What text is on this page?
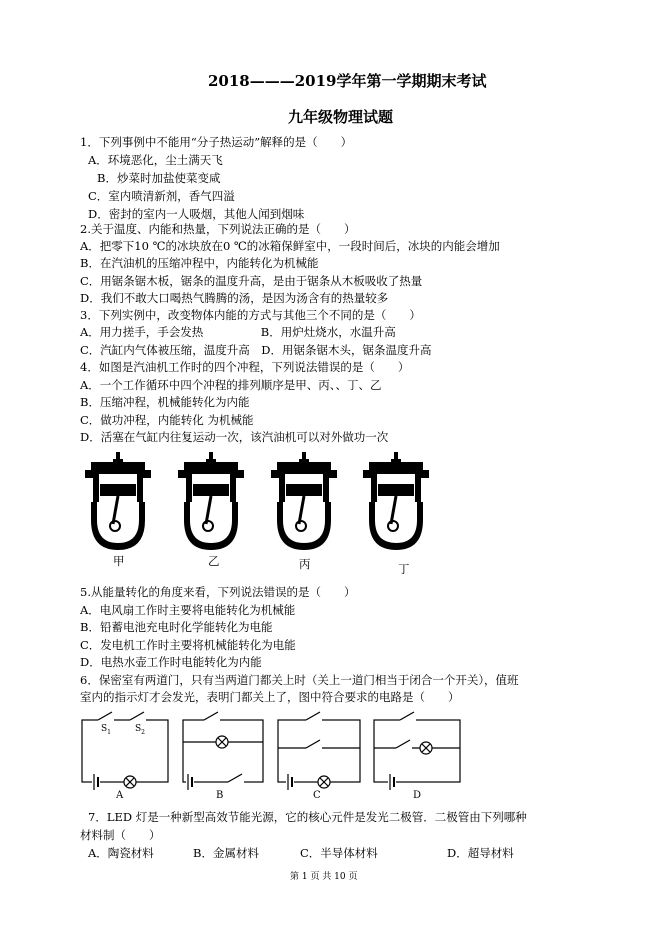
2018———2019学年第一学期期末考试
九年级物理试题
1．下列事例中不能用“分子热运动”解释的是（　　）
A．环境恶化，尘土满天飞
B．炒菜时加盐使菜变咸
C．室内喷清新剂，香气四溢
D．密封的室内一人吸烟，其他人闻到烟味
2.关于温度、内能和热量，下列说法正确的是（　　）
A．把零下10 ℃的冰块放在0 ℃的冰箱保鲜室中，一段时间后，冰块的内能会增加
B．在汽油机的压缩冲程中，内能转化为机械能
C．用锯条锯木板，锯条的温度升高，是由于锯条从木板吸收了热量
D．我们不敢大口喝热气腾腾的汤，是因为汤含有的热量较多
3．下列实例中，改变物体内能的方式与其他三个不同的是（　　）
A．用力搓手，手会发热　　　　　B．用炉灶烧水，水温升高
C．汽缸内气体被压缩，温度升高　D．用锯条锯木头，锯条温度升高
4．如图是汽油机工作时的四个冲程，下列说法错误的是（　　）
A．一个工作循环中四个冲程的排列顺序是甲、丙、、丁、乙
B．压缩冲程，机械能转化为内能
C．做功冲程，内能转化 为机械能
D．活塞在气缸内往复运动一次，该汽油机可以对外做功一次
甲	乙	丙	丁
5.从能量转化的角度来看，下列说法错误的是（　　）
A．电风扇工作时主要将电能转化为机械能
B．铅蓄电池充电时化学能转化为电能
C．发电机工作时主要将机械能转化为电能
D．电热水壶工作时电能转化为内能
6．保密室有两道门，只有当两道门都关上时（关上一道门相当于闭合一个开关），值班
室内的指示灯才会发光，表明门都关上了，图中符合要求的电路是（　　）
$S_1$	$S_2$
A	B	C	D
7．LED 灯是一种新型高效节能光源，它的核心元件是发光二极管．二极管由下列哪种
材料制（　　）
A．陶瓷材料	B．金属材料	C．半导体材料	D．超导材料
第 1 页 共 10 页
